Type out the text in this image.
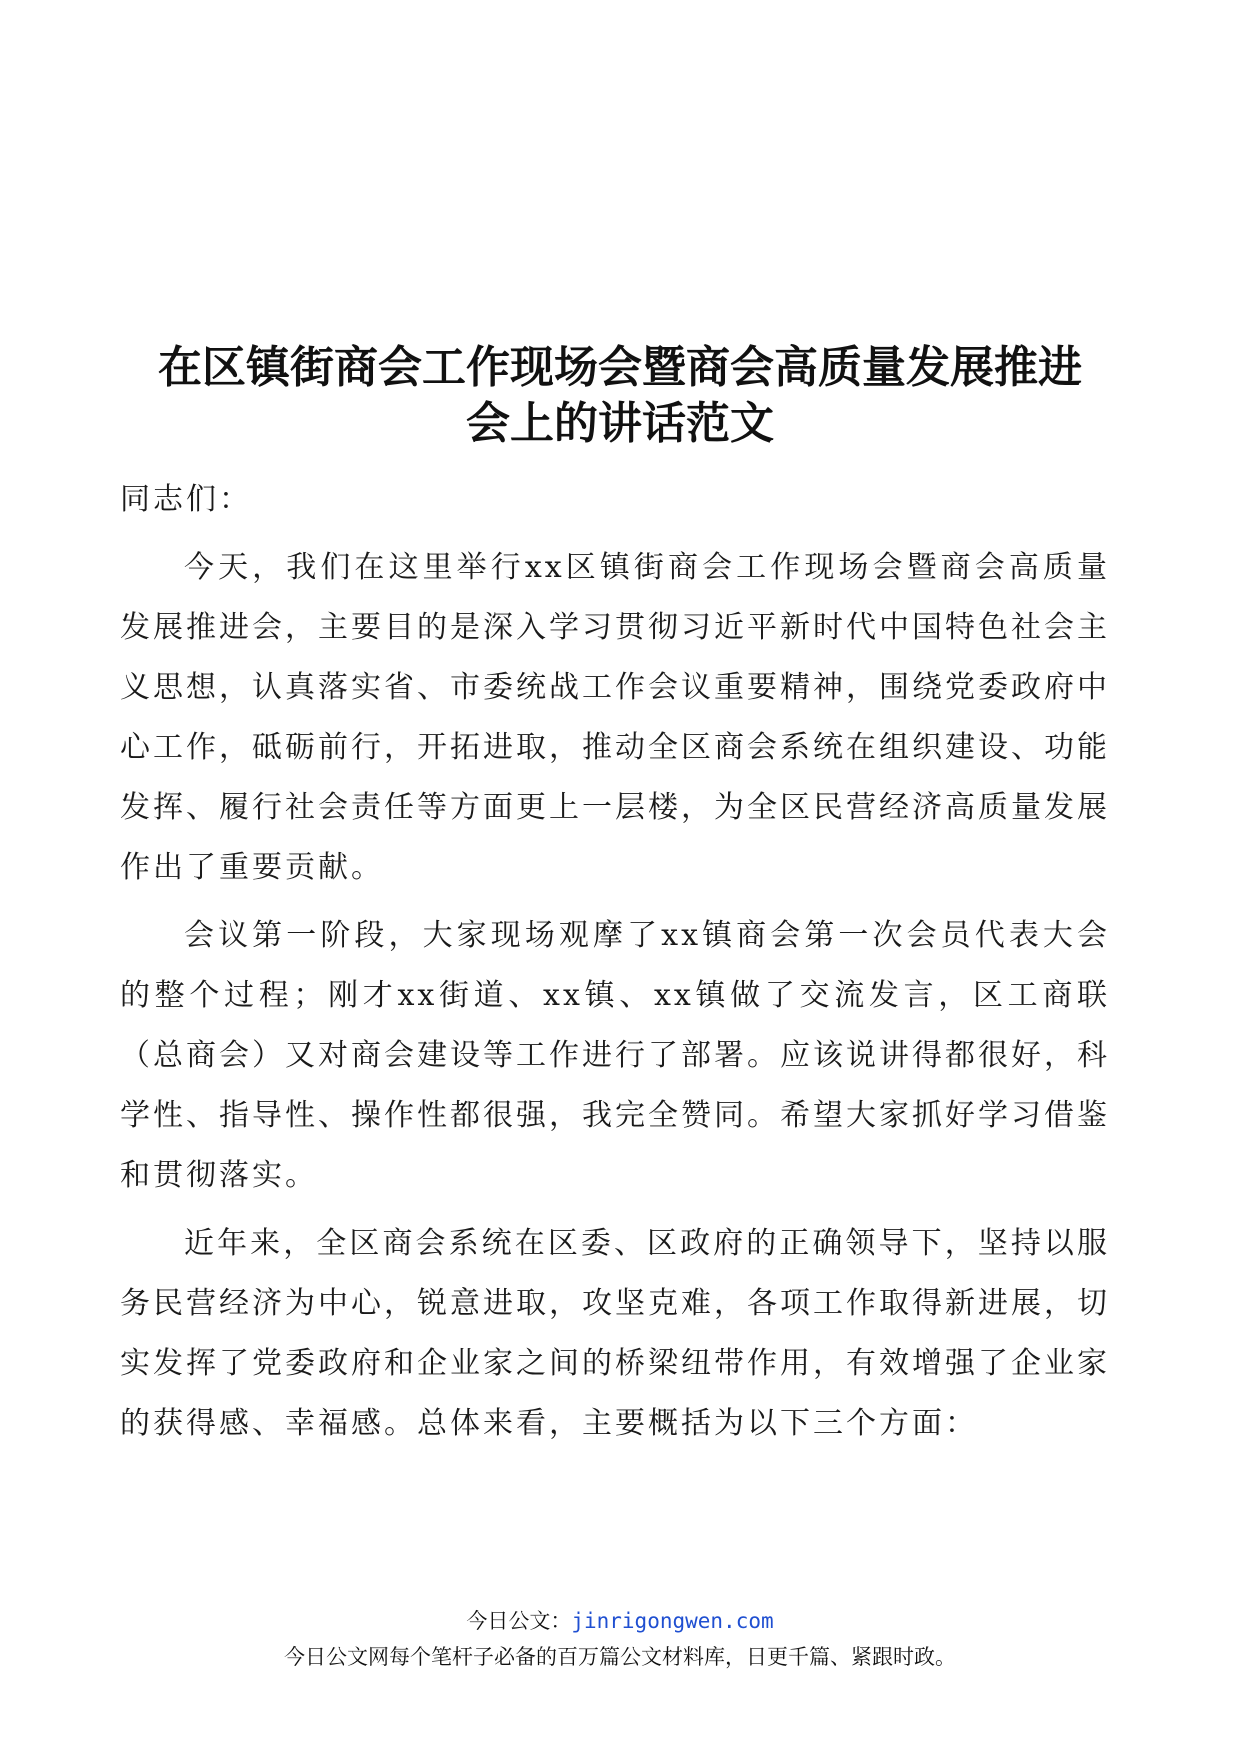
在区镇街商会工作现场会暨商会高质量发展推进
会上的讲话范文

同志们：

今天，我们在这里举行xx区镇街商会工作现场会暨商会高质量发展推进会，主要目的是深入学习贯彻习近平新时代中国特色社会主义思想，认真落实省、市委统战工作会议重要精神，围绕党委政府中心工作，砥砺前行，开拓进取，推动全区商会系统在组织建设、功能发挥、履行社会责任等方面更上一层楼，为全区民营经济高质量发展作出了重要贡献。

会议第一阶段，大家现场观摩了xx镇商会第一次会员代表大会的整个过程；刚才xx街道、xx镇、xx镇做了交流发言，区工商联（总商会）又对商会建设等工作进行了部署。应该说讲得都很好，科学性、指导性、操作性都很强，我完全赞同。希望大家抓好学习借鉴和贯彻落实。

近年来，全区商会系统在区委、区政府的正确领导下，坚持以服务民营经济为中心，锐意进取，攻坚克难，各项工作取得新进展，切实发挥了党委政府和企业家之间的桥梁纽带作用，有效增强了企业家的获得感、幸福感。总体来看，主要概括为以下三个方面：

今日公文：jinrigongwen.com
今日公文网每个笔杆子必备的百万篇公文材料库，日更千篇、紧跟时政。
